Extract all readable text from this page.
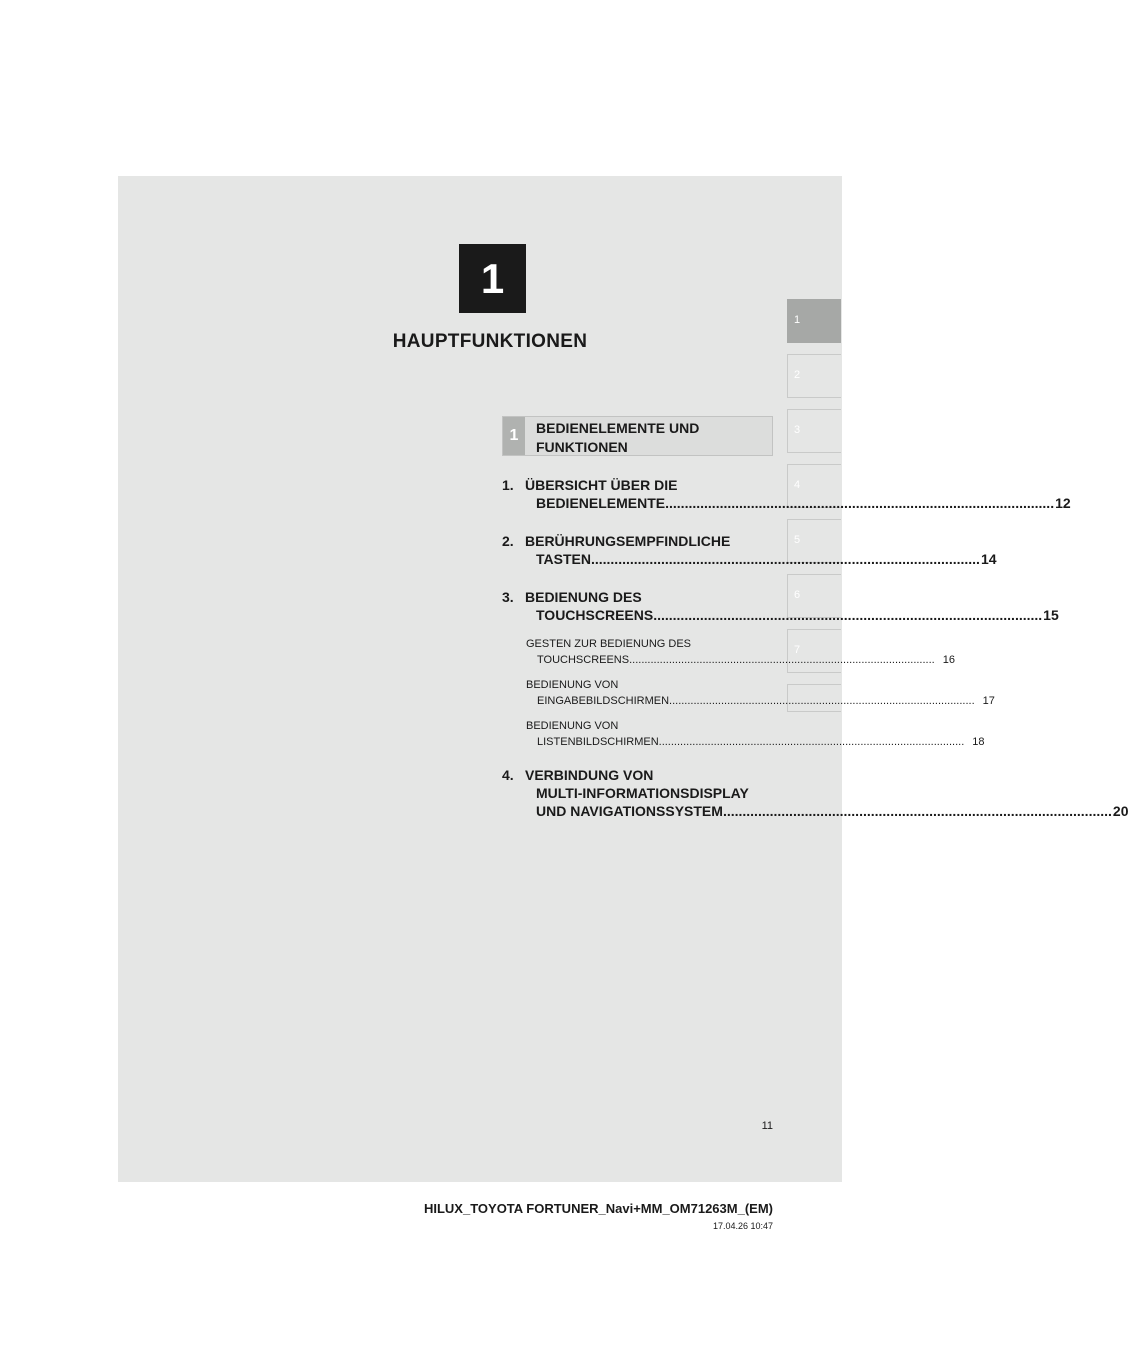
1
HAUPTFUNKTIONEN
1
2
3
4
5
6
7
1	BEDIENELEMENTE UND
FUNKTIONEN
1. ÜBERSICHT ÜBER DIE
BEDIENELEMENTE .....	12
2. BERÜHRUNGSEMPFINDLICHE
TASTEN .....	14
3. BEDIENUNG DES
TOUCHSCREENS .....	15
GESTEN ZUR BEDIENUNG DES
TOUCHSCREENS .....	16
BEDIENUNG VON
EINGABEBILDSCHIRMEN .....	17
BEDIENUNG VON
LISTENBILDSCHIRMEN .....	18
4. VERBINDUNG VON
MULTI-INFORMATIONSDISPLAY
UND NAVIGATIONSSYSTEM .....	20
11
HILUX_TOYOTA FORTUNER_Navi+MM_OM71263M_(EM)
17.04.26 10:47
